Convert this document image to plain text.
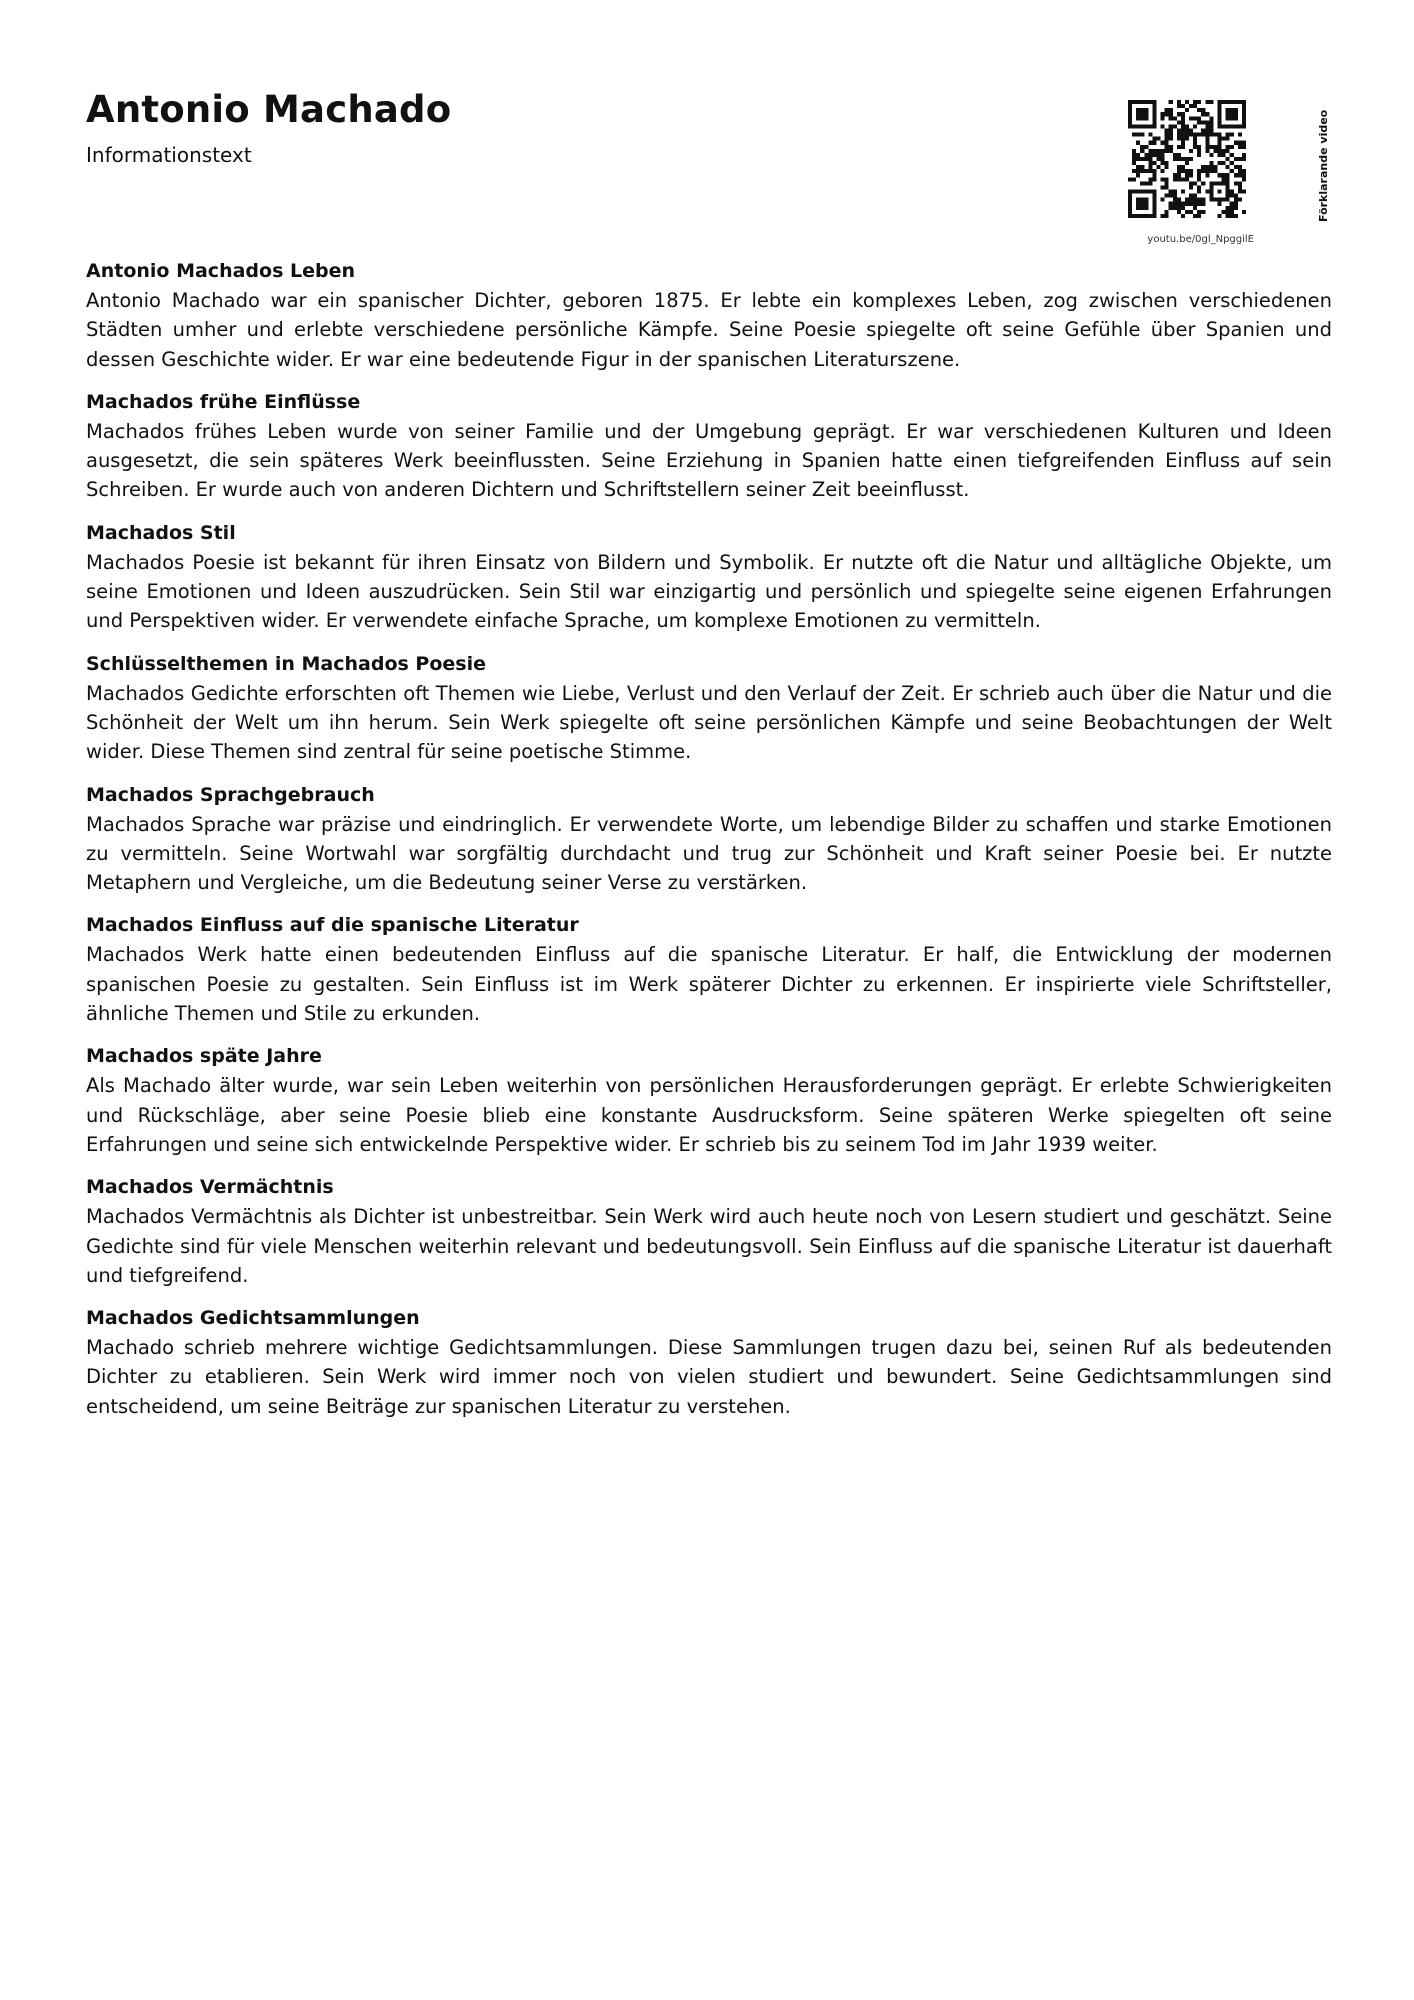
Antonio Machado

Informationstext	Förklarande video
youtu.be/0gl_NpggilE

Antonio Machados Leben

Antonio Machado war ein spanischer Dichter, geboren 1875. Er lebte ein komplexes Leben, zog zwischen verschiedenen Städten umher und erlebte verschiedene persönliche Kämpfe. Seine Poesie spiegelte oft seine Gefühle über Spanien und dessen Geschichte wider. Er war eine bedeutende Figur in der spanischen Literaturszene.

Machados frühe Einflüsse

Machados frühes Leben wurde von seiner Familie und der Umgebung geprägt. Er war verschiedenen Kulturen und Ideen ausgesetzt, die sein späteres Werk beeinflussten. Seine Erziehung in Spanien hatte einen tiefgreifenden Einfluss auf sein Schreiben. Er wurde auch von anderen Dichtern und Schriftstellern seiner Zeit beeinflusst.

Machados Stil

Machados Poesie ist bekannt für ihren Einsatz von Bildern und Symbolik. Er nutzte oft die Natur und alltägliche Objekte, um seine Emotionen und Ideen auszudrücken. Sein Stil war einzigartig und persönlich und spiegelte seine eigenen Erfahrungen und Perspektiven wider. Er verwendete einfache Sprache, um komplexe Emotionen zu vermitteln.

Schlüsselthemen in Machados Poesie

Machados Gedichte erforschten oft Themen wie Liebe, Verlust und den Verlauf der Zeit. Er schrieb auch über die Natur und die Schönheit der Welt um ihn herum. Sein Werk spiegelte oft seine persönlichen Kämpfe und seine Beobachtungen der Welt wider. Diese Themen sind zentral für seine poetische Stimme.

Machados Sprachgebrauch

Machados Sprache war präzise und eindringlich. Er verwendete Worte, um lebendige Bilder zu schaffen und starke Emotionen zu vermitteln. Seine Wortwahl war sorgfältig durchdacht und trug zur Schönheit und Kraft seiner Poesie bei. Er nutzte Metaphern und Vergleiche, um die Bedeutung seiner Verse zu verstärken.

Machados Einfluss auf die spanische Literatur

Machados Werk hatte einen bedeutenden Einfluss auf die spanische Literatur. Er half, die Entwicklung der modernen spanischen Poesie zu gestalten. Sein Einfluss ist im Werk späterer Dichter zu erkennen. Er inspirierte viele Schriftsteller, ähnliche Themen und Stile zu erkunden.

Machados späte Jahre

Als Machado älter wurde, war sein Leben weiterhin von persönlichen Herausforderungen geprägt. Er erlebte Schwierigkeiten und Rückschläge, aber seine Poesie blieb eine konstante Ausdrucksform. Seine späteren Werke spiegelten oft seine Erfahrungen und seine sich entwickelnde Perspektive wider. Er schrieb bis zu seinem Tod im Jahr 1939 weiter.

Machados Vermächtnis

Machados Vermächtnis als Dichter ist unbestreitbar. Sein Werk wird auch heute noch von Lesern studiert und geschätzt. Seine Gedichte sind für viele Menschen weiterhin relevant und bedeutungsvoll. Sein Einfluss auf die spanische Literatur ist dauerhaft und tiefgreifend.

Machados Gedichtsammlungen

Machado schrieb mehrere wichtige Gedichtsammlungen. Diese Sammlungen trugen dazu bei, seinen Ruf als bedeutenden Dichter zu etablieren. Sein Werk wird immer noch von vielen studiert und bewundert. Seine Gedichtsammlungen sind entscheidend, um seine Beiträge zur spanischen Literatur zu verstehen.
